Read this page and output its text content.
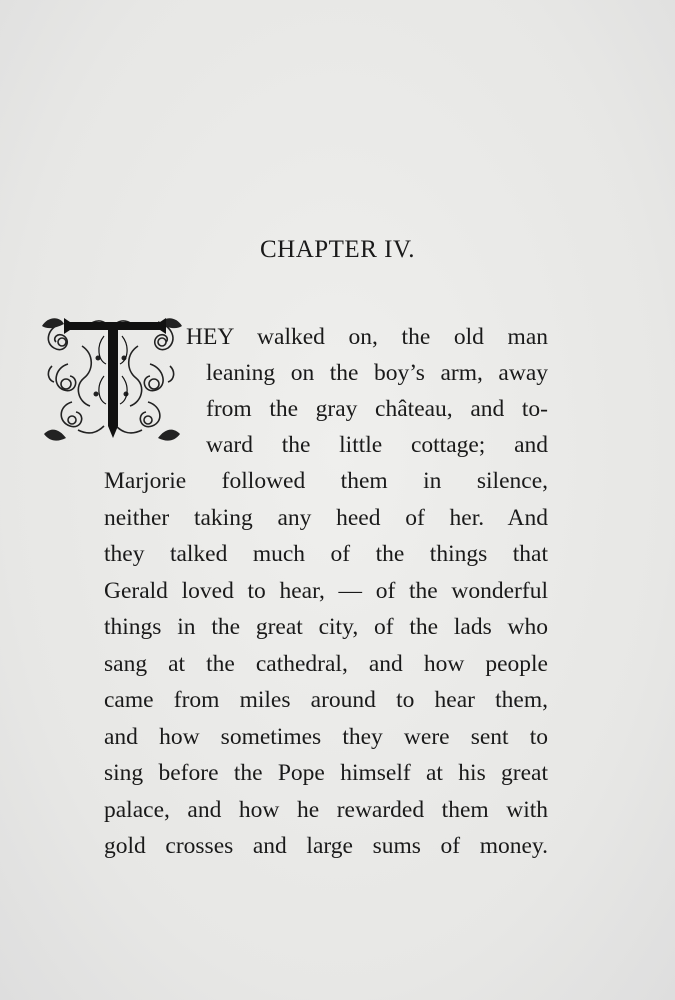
CHAPTER IV.
HEY walked on, the old man
leaning on the boy’s arm, away
from the gray château, and to-
ward the little cottage; and
Marjorie followed them in silence,
neither taking any heed of her. And
they talked much of the things that
Gerald loved to hear, — of the wonderful
things in the great city, of the lads who
sang at the cathedral, and how people
came from miles around to hear them,
and how sometimes they were sent to
sing before the Pope himself at his great
palace, and how he rewarded them with
gold crosses and large sums of money.
